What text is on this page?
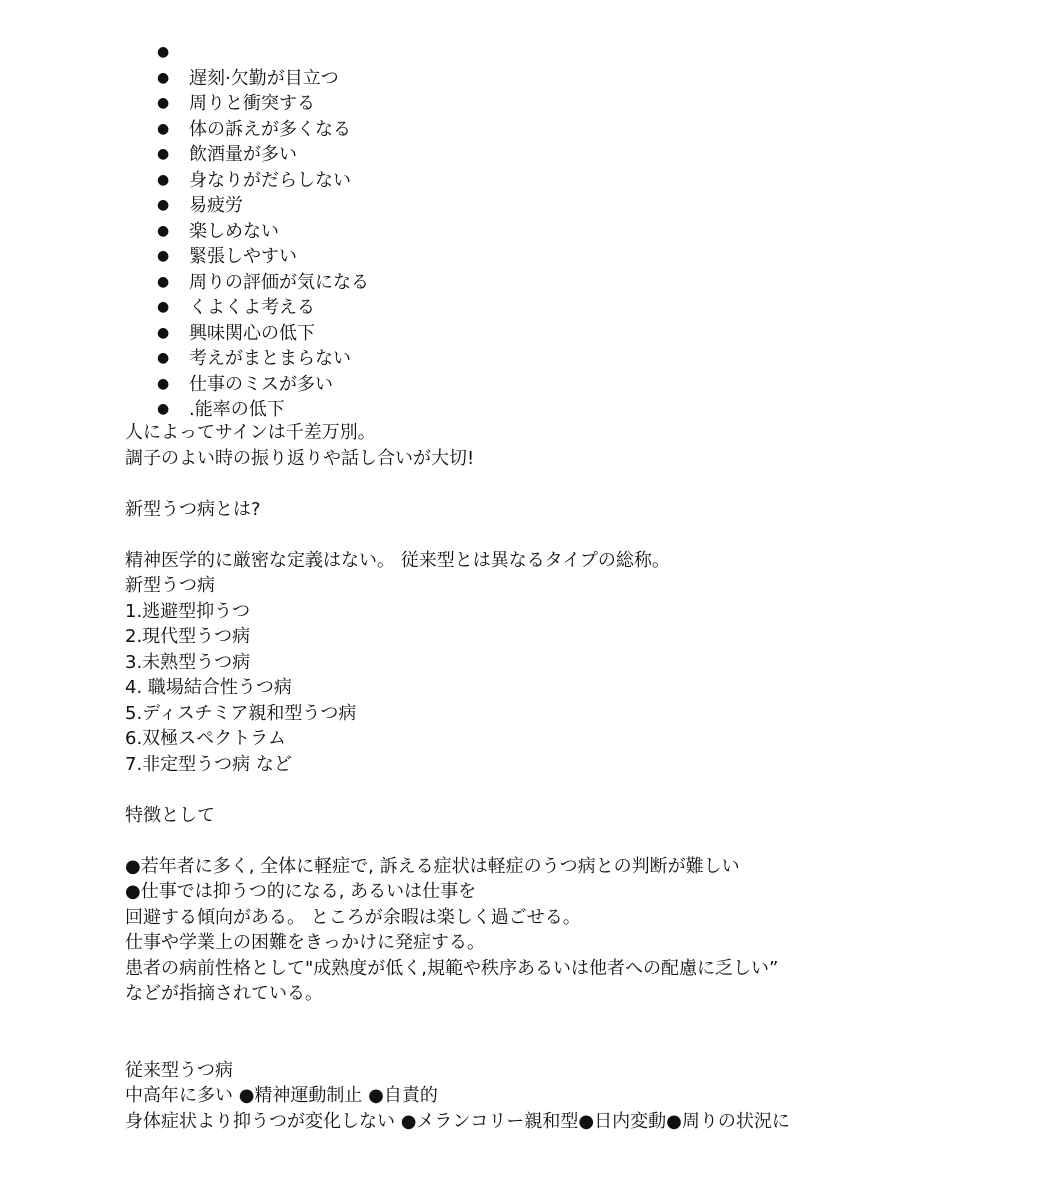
●
● 遅刻·欠勤が目立つ
● 周りと衝突する
● 体の訴えが多くなる
● 飲酒量が多い
● 身なりがだらしない
● 易疲労
● 楽しめない
● 緊張しやすい
● 周りの評価が気になる
● くよくよ考える
● 興味関心の低下
● 考えがまとまらない
● 仕事のミスが多い
● .能率の低下
人によってサインは千差万別。
調子のよい時の振り返りや話し合いが大切!
新型うつ病とは?
精神医学的に厳密な定義はない。 従来型とは異なるタイプの総称。
新型うつ病
1.逃避型抑うつ
2.現代型うつ病
3.未熟型うつ病
4. 職場結合性うつ病
5.ディスチミア親和型うつ病
6.双極スペクトラム
7.非定型うつ病 など
特徴として
●若年者に多く, 全体に軽症で, 訴える症状は軽症のうつ病との判断が難しい
●仕事では抑うつ的になる, あるいは仕事を
回避する傾向がある。 ところが余暇は楽しく過ごせる。
仕事や学業上の困難をきっかけに発症する。
患者の病前性格として"成熟度が低く,規範や秩序あるいは他者への配慮に乏しい”
などが指摘されている。
従来型うつ病
中高年に多い ●精神運動制止 ●自責的
身体症状より抑うつが変化しない ●メランコリー親和型●日内変動●周りの状況に
